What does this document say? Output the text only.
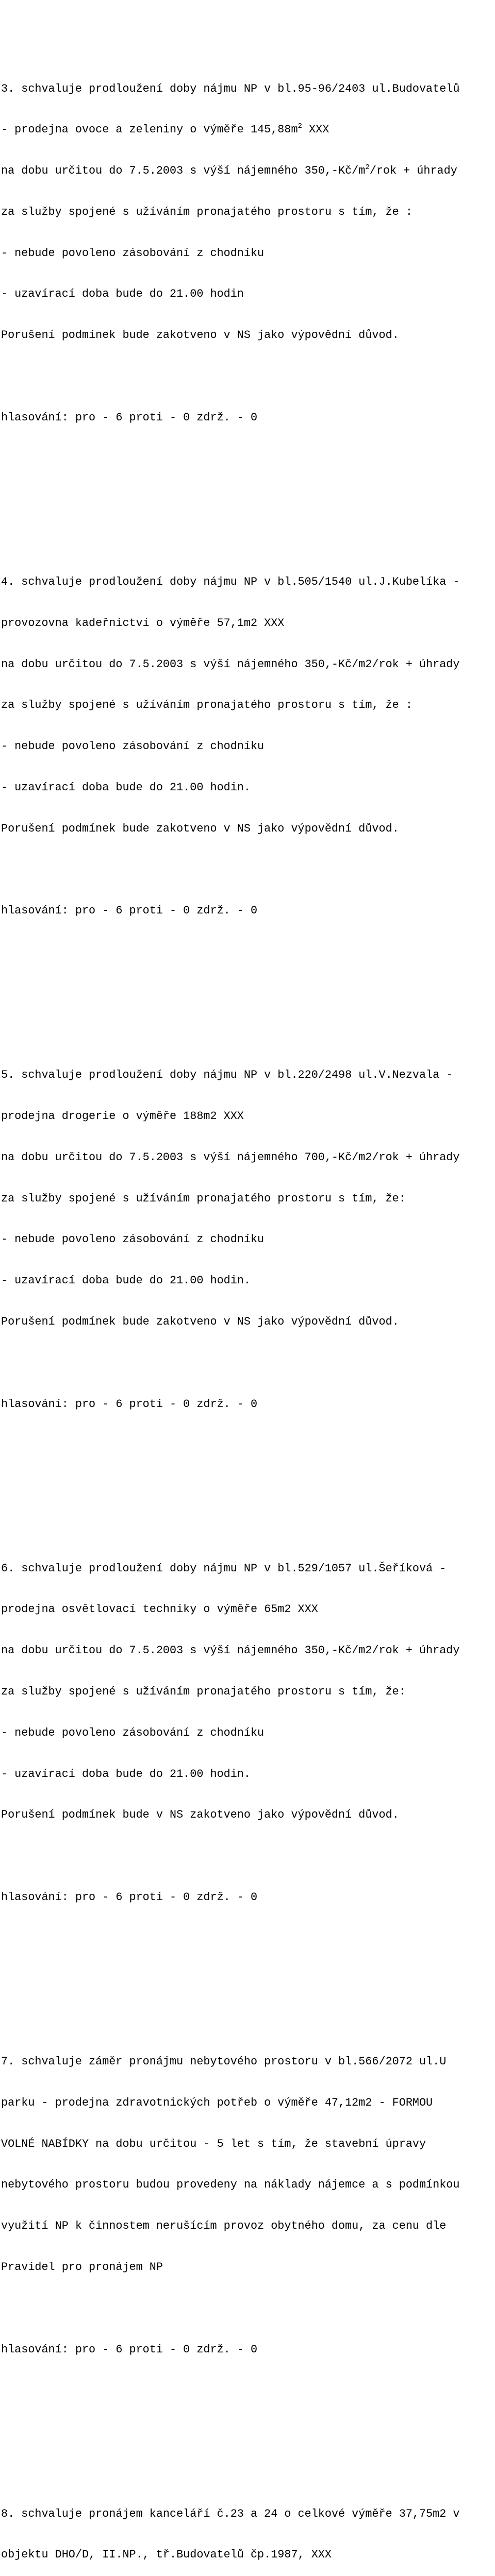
3. schvaluje prodloužení doby nájmu NP v bl.95-96/2403 ul.Budovatelů

- prodejna ovoce a zeleniny o výměře $145,88m^2$ XXX

na dobu určitou do 7.5.2003 s výší nájemného $350,-Kč/m^2$/rok + úhrady

za služby spojené s užíváním pronajatého prostoru s tím, že :

- nebude povoleno zásobování z chodníku

- uzavírací doba bude do 21.00 hodin

Porušení podmínek bude zakotveno v NS jako výpovědní důvod.

hlasování: pro - 6 proti - 0 zdrž. - 0

4. schvaluje prodloužení doby nájmu NP v bl.505/1540 ul.J.Kubelíka -

provozovna kadeřnictví o výměře 57,1m2 XXX

na dobu určitou do 7.5.2003 s výší nájemného 350,-Kč/m2/rok + úhrady

za služby spojené s užíváním pronajatého prostoru s tím, že :

- nebude povoleno zásobování z chodníku

- uzavírací doba bude do 21.00 hodin.

Porušení podmínek bude zakotveno v NS jako výpovědní důvod.

hlasování: pro - 6 proti - 0 zdrž. - 0

5. schvaluje prodloužení doby nájmu NP v bl.220/2498 ul.V.Nezvala -

prodejna drogerie o výměře 188m2 XXX

na dobu určitou do 7.5.2003 s výší nájemného 700,-Kč/m2/rok + úhrady

za služby spojené s užíváním pronajatého prostoru s tím, že:

- nebude povoleno zásobování z chodníku

- uzavírací doba bude do 21.00 hodin.

Porušení podmínek bude zakotveno v NS jako výpovědní důvod.

hlasování: pro - 6 proti - 0 zdrž. - 0

6. schvaluje prodloužení doby nájmu NP v bl.529/1057 ul.Šeříková -

prodejna osvětlovací techniky o výměře 65m2 XXX

na dobu určitou do 7.5.2003 s výší nájemného 350,-Kč/m2/rok + úhrady

za služby spojené s užíváním pronajatého prostoru s tím, že:

- nebude povoleno zásobování z chodníku

- uzavírací doba bude do 21.00 hodin.

Porušení podmínek bude v NS zakotveno jako výpovědní důvod.

hlasování: pro - 6 proti - 0 zdrž. - 0

7. schvaluje záměr pronájmu nebytového prostoru v bl.566/2072 ul.U

parku - prodejna zdravotnických potřeb o výměře 47,12m2 - FORMOU

VOLNÉ NABÍDKY na dobu určitou - 5 let s tím, že stavební úpravy

nebytového prostoru budou provedeny na náklady nájemce a s podmínkou

využití NP k činnostem nerušícím provoz obytného domu, za cenu dle

Pravidel pro pronájem NP

hlasování: pro - 6 proti - 0 zdrž. - 0

8. schvaluje pronájem kanceláří č.23 a 24 o celkové výměře 37,75m2 v

objektu DHO/D, II.NP., tř.Budovatelů čp.1987, XXX
